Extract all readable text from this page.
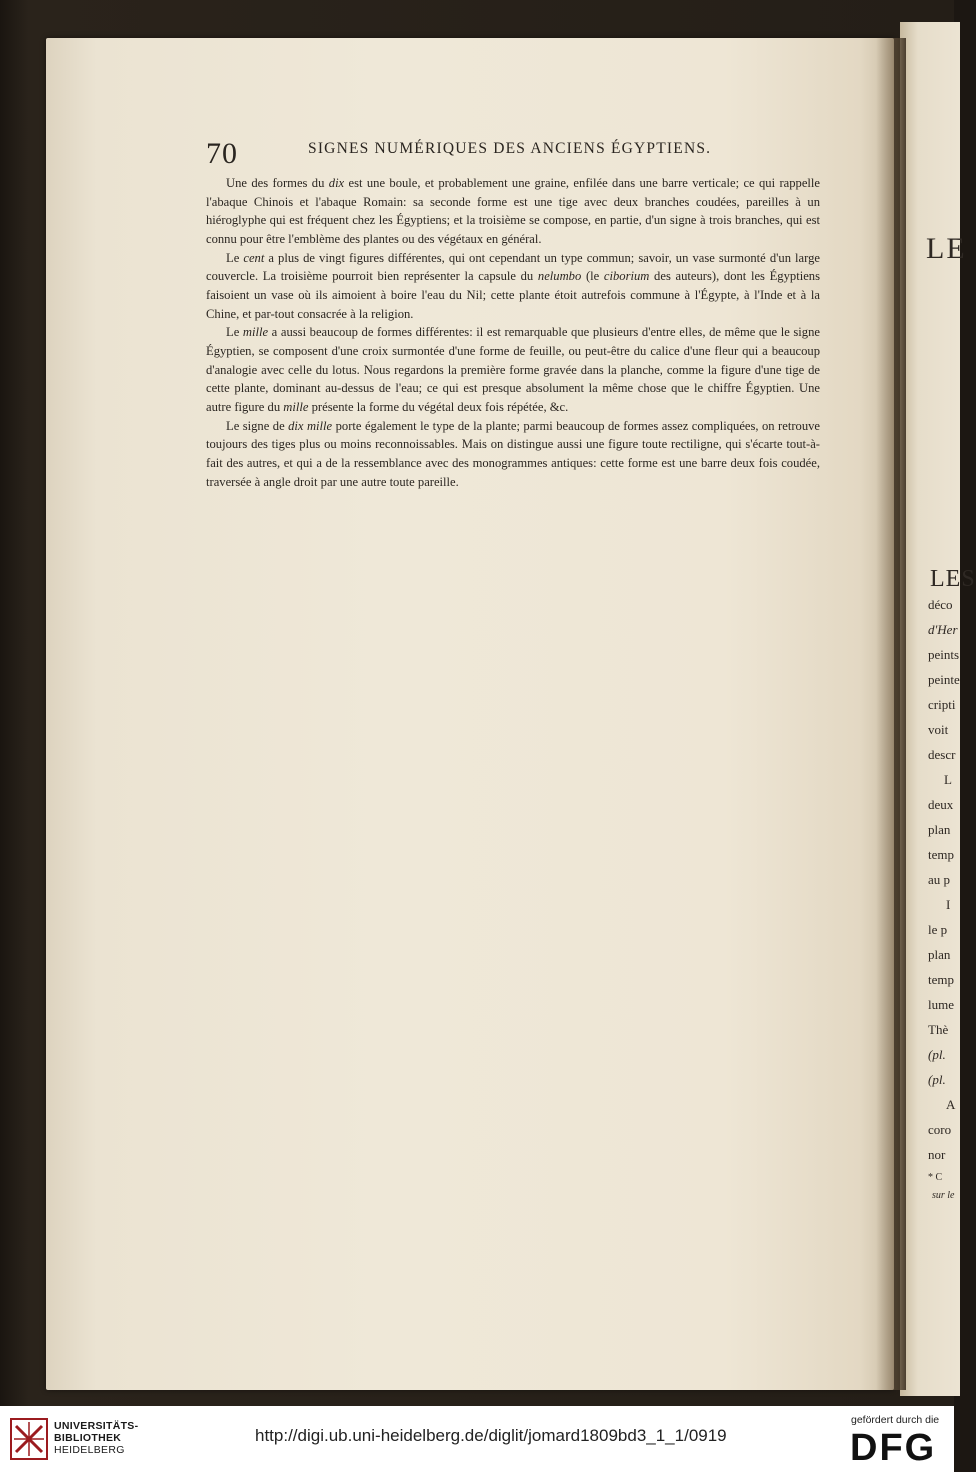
70	SIGNES NUMÉRIQUES DES ANCIENS ÉGYPTIENS.

Une des formes du dix est une boule, et probablement une graine, enfilée dans une barre verticale; ce qui rappelle l'abaque Chinois et l'abaque Romain: sa seconde forme est une tige avec deux branches coudées, pareilles à un hiéroglyphe qui est fréquent chez les Égyptiens; et la troisième se compose, en partie, d'un signe à trois branches, qui est connu pour être l'emblème des plantes ou des végétaux en général.

Le cent a plus de vingt figures différentes, qui ont cependant un type commun; savoir, un vase surmonté d'un large couvercle. La troisième pourroit bien représenter la capsule du nelumbo (le ciborium des auteurs), dont les Égyptiens faisoient un vase où ils aimoient à boire l'eau du Nil; cette plante étoit autrefois commune à l'Égypte, à l'Inde et à la Chine, et par-tout consacrée à la religion.

Le mille a aussi beaucoup de formes différentes: il est remarquable que plusieurs d'entre elles, de même que le signe Égyptien, se composent d'une croix surmontée d'une forme de feuille, ou peut-être du calice d'une fleur qui a beaucoup d'analogie avec celle du lotus. Nous regardons la première forme gravée dans la planche, comme la figure d'une tige de cette plante, dominant au-dessus de l'eau; ce qui est presque absolument la même chose que le chiffre Égyptien. Une autre figure du mille présente la forme du végétal deux fois répétée, &c.

Le signe de dix mille porte également le type de la plante; parmi beaucoup de formes assez compliquées, on retrouve toujours des tiges plus ou moins reconnoissables. Mais on distingue aussi une figure toute rectiligne, qui s'écarte tout-à-fait des autres, et qui a de la ressemblance avec des monogrammes antiques: cette forme est une barre deux fois coudée, traversée à angle droit par une autre toute pareille.

LE
LES
déco
d'Her
peints
peinte
cripti
voit
descr
L
deux
plan
temp
au p
I
le p
plan
temp
lume
Thè
(pl.
(pl.
A
coro
nor
* C
sur le
UNIVERSITÄTS-
BIBLIOTHEK
HEIDELBERG
http://digi.ub.uni-heidelberg.de/diglit/jomard1809bd3_1_1/0919
gefördert durch die
DFG
